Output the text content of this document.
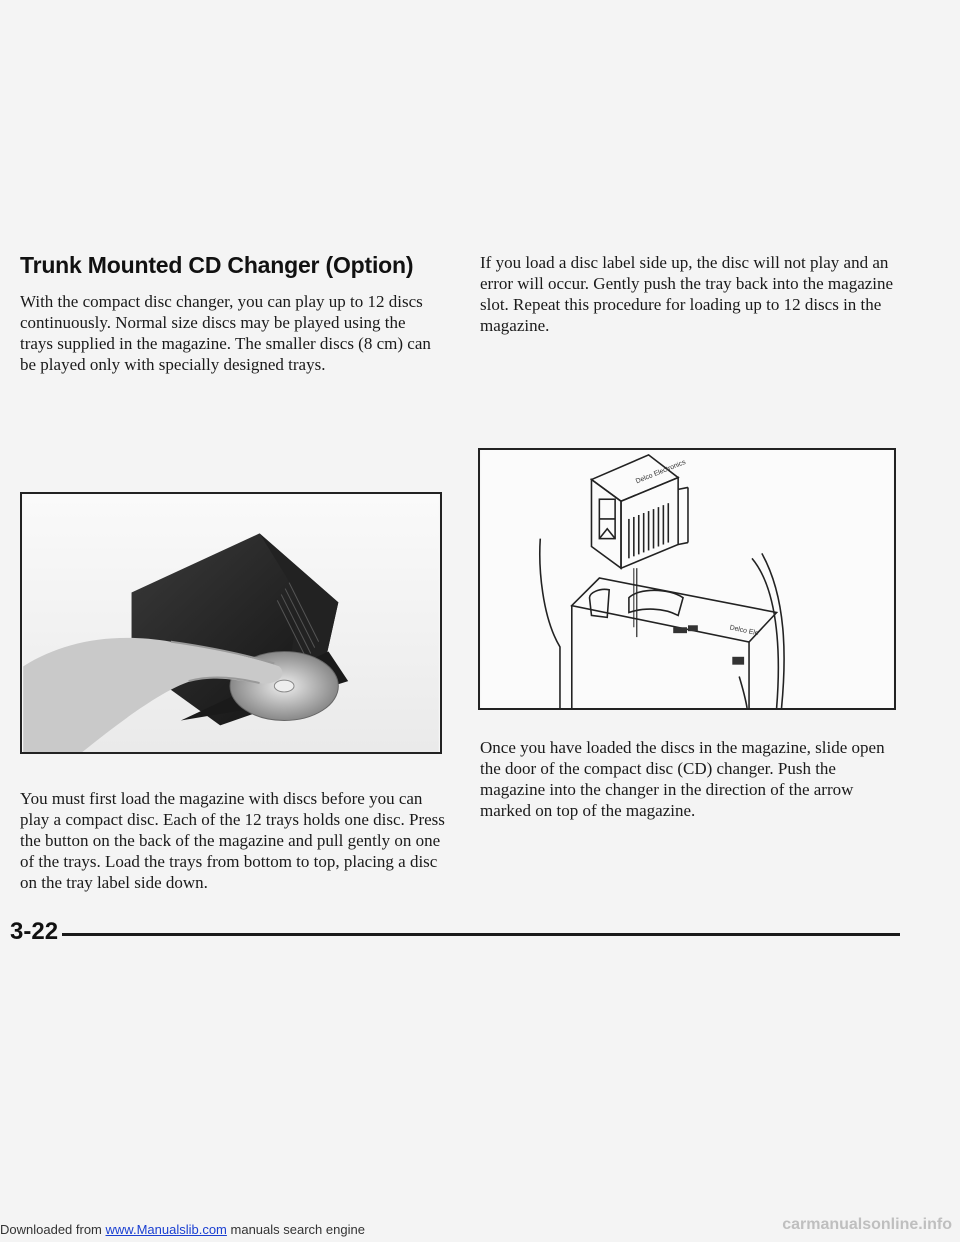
Trunk Mounted CD Changer (Option)

With the compact disc changer, you can play up to 12 discs continuously. Normal size discs may be played using the trays supplied in the magazine. The smaller discs (8 cm) can be played only with specially designed trays.

You must first load the magazine with discs before you can play a compact disc. Each of the 12 trays holds one disc. Press the button on the back of the magazine and pull gently on one of the trays. Load the trays from bottom to top, placing a disc on the tray label side down.

If you load a disc label side up, the disc will not play and an error will occur. Gently push the tray back into the magazine slot. Repeat this procedure for loading up to 12 discs in the magazine.

Delco Electronics
Delco Ele

Once you have loaded the discs in the magazine, slide open the door of the compact disc (CD) changer. Push the magazine into the changer in the direction of the arrow marked on top of the magazine.

3-22
Downloaded from www.Manualslib.com manuals search engine	carmanualsonline.info
